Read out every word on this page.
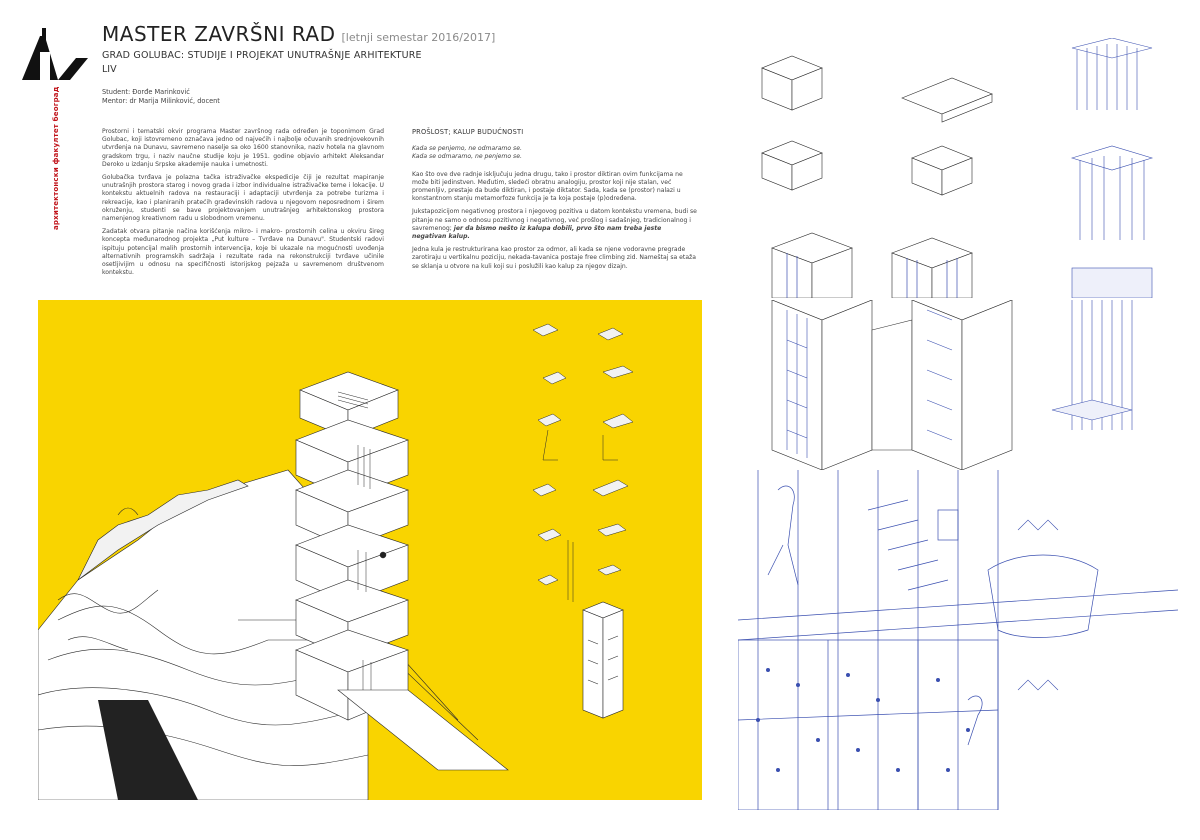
архитектонски факултет београд
MASTER ZAVRŠNI RAD [letnji semestar 2016/2017]
GRAD GOLUBAC: STUDIJE I PROJEKAT UNUTRAŠNJE ARHITEKTURE
LIV
Student: Đorđe Marinković
Mentor: dr Marija Milinković, docent

Prostorni i tematski okvir programa Master završnog rada određen je toponimom Grad Golubac, koji istovremeno označava jedno od najvećih i najbolje očuvanih srednjovekovnih utvrđenja na Dunavu, savremeno naselje sa oko 1600 stanovnika, naziv hotela na glavnom gradskom trgu, i naziv naučne studije koju je 1951. godine objavio arhitekt Aleksandar Deroko u izdanju Srpske akademije nauka i umetnosti.

Golubačka tvrđava je polazna tačka istraživačke ekspedicije čiji je rezultat mapiranje unutrašnjih prostora starog i novog grada i izbor individualne istraživačke teme i lokacije. U kontekstu aktuelnih radova na restauraciji i adaptaciji utvrđenja za potrebe turizma i rekreacije, kao i planiranih pratećih građevinskih radova u njegovom neposrednom i širem okruženju, studenti se bave projektovanjem unutrašnjeg arhitektonskog prostora namenjenog kreativnom radu u slobodnom vremenu.

Zadatak otvara pitanje načina korišćenja mikro- i makro- prostornih celina u okviru šireg koncepta međunarodnog projekta „Put kulture – Tvrđave na Dunavu". Studentski radovi ispituju potencijal malih prostornih intervencija, koje bi ukazale na mogućnosti uvođenja alternativnih programskih sadržaja i rezultate rada na rekonstrukciji tvrđave učinile osetljivijim u odnosu na specifičnosti istorijskog pejzaža u savremenom društvenom kontekstu.

PROŠLOST; KALUP BUDUĆNOSTI
Kada se penjemo, ne odmaramo se.
Kada se odmaramo, ne penjemo se.

Kao što ove dve radnje isključuju jedna drugu, tako i prostor diktiran ovim funkcijama ne može biti jedinstven. Međutim, sledeći obratnu analogiju, prostor koji nije stalan, već promenljiv, prestaje da bude diktiran, i postaje diktator. Sada, kada se (prostor) nalazi u konstantnom stanju metamorfoze funkcija je ta koja postaje (p)određena.

Jukstapozicijom negativnog prostora i njegovog pozitiva u datom kontekstu vremena, budi se pitanje ne samo o odnosu pozitivnog i negativnog, već prošlog i sadašnjeg, tradicionalnog i savremenog; jer da bismo nešto iz kalupa dobili, prvo što nam treba jeste negativan kalup.

Jedna kula je restrukturirana kao prostor za odmor, ali kada se njene vodoravne pregrade zarotiraju u vertikalnu poziciju, nekada-tavanica postaje free climbing zid. Nameštaj sa etaža se sklanja u otvore na kuli koji su i poslužili kao kalup za njegov dizajn.
